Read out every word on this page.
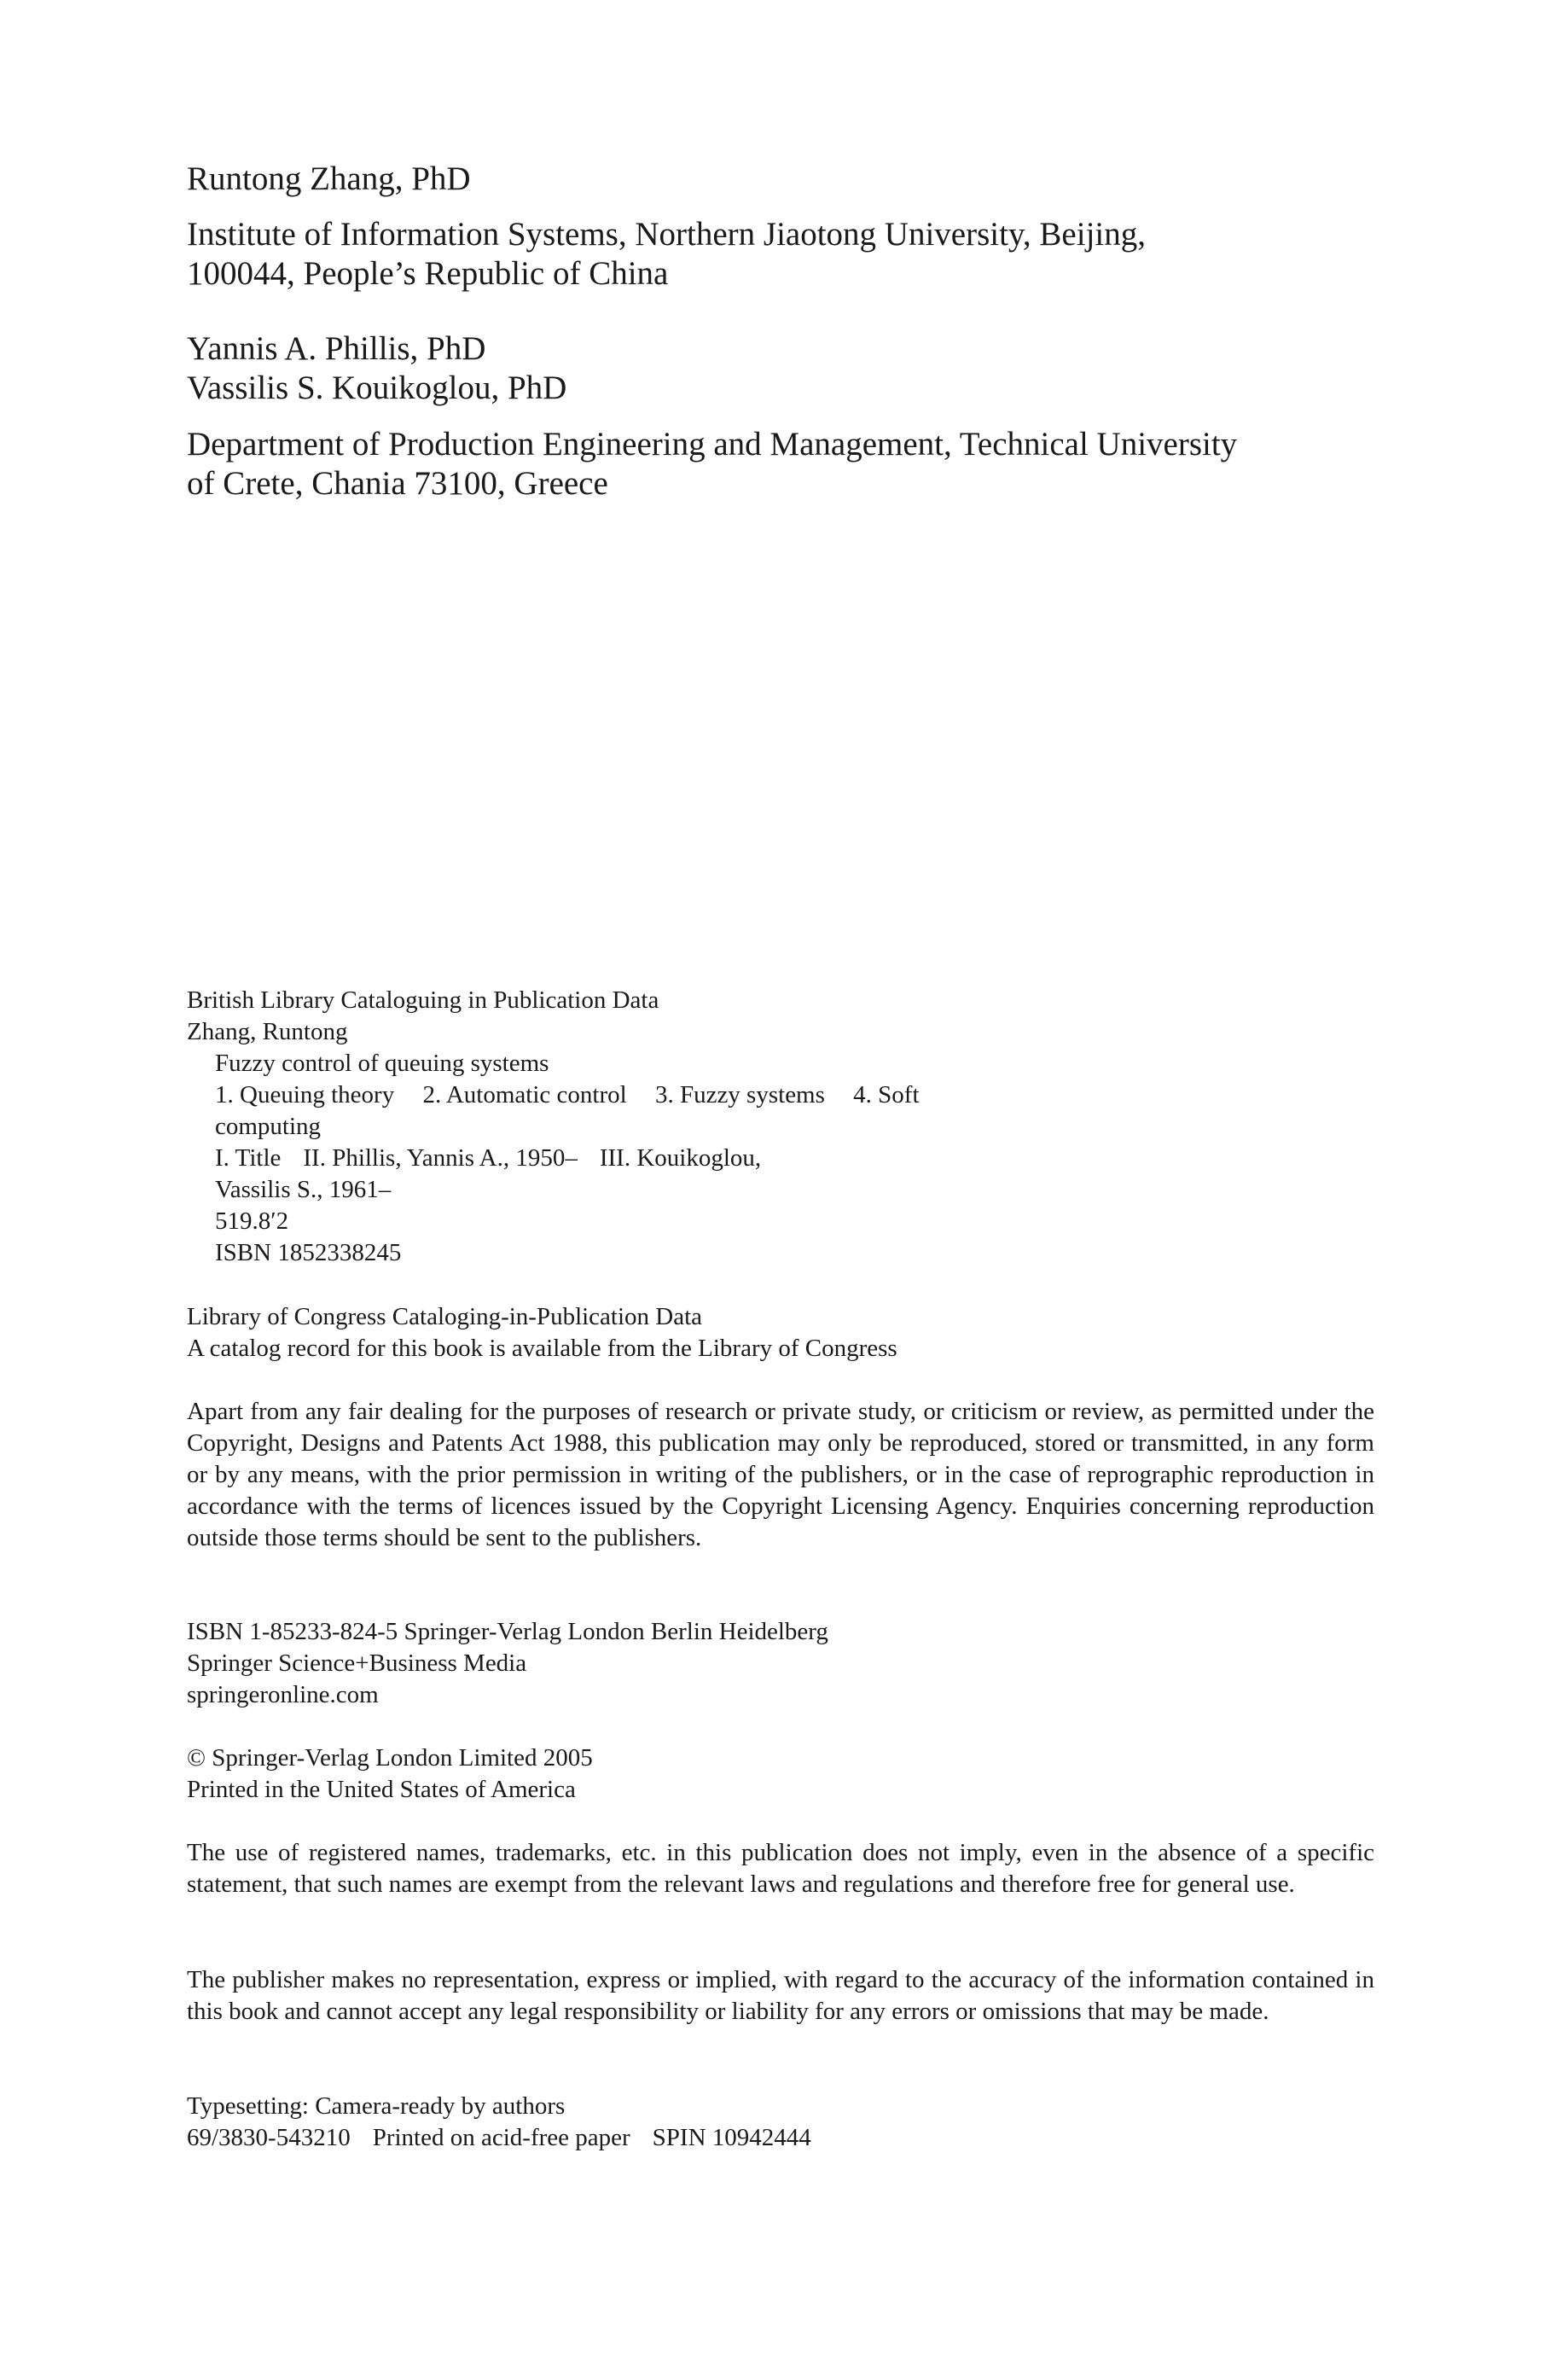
Runtong Zhang, PhD

Institute of Information Systems, Northern Jiaotong University, Beijing,

100044, People’s Republic of China

Yannis A. Phillis, PhD

Vassilis S. Kouikoglou, PhD

Department of Production Engineering and Management, Technical University

of Crete, Chania 73100, Greece

British Library Cataloguing in Publication Data

Zhang, Runtong

Fuzzy control of queuing systems

1. Queuing theory 2. Automatic control 3. Fuzzy systems 4. Soft

computing

I. Title II. Phillis, Yannis A., 1950– III. Kouikoglou,

Vassilis S., 1961–

519.8′2

ISBN 1852338245

Library of Congress Cataloging-in-Publication Data

A catalog record for this book is available from the Library of Congress

Apart from any fair dealing for the purposes of research or private study, or criticism or review, as permitted under the Copyright, Designs and Patents Act 1988, this publication may only be reproduced, stored or transmitted, in any form or by any means, with the prior permission in writing of the publishers, or in the case of reprographic reproduction in accordance with the terms of licences issued by the Copyright Licensing Agency. Enquiries concerning reproduction outside those terms should be sent to the publishers.

ISBN 1-85233-824-5 Springer-Verlag London Berlin Heidelberg

Springer Science+Business Media

springeronline.com

© Springer-Verlag London Limited 2005

Printed in the United States of America

The use of registered names, trademarks, etc. in this publication does not imply, even in the absence of a specific statement, that such names are exempt from the relevant laws and regulations and therefore free for general use.

The publisher makes no representation, express or implied, with regard to the accuracy of the information contained in this book and cannot accept any legal responsibility or liability for any errors or omissions that may be made.

Typesetting: Camera-ready by authors

69/3830-543210 Printed on acid-free paper SPIN 10942444
